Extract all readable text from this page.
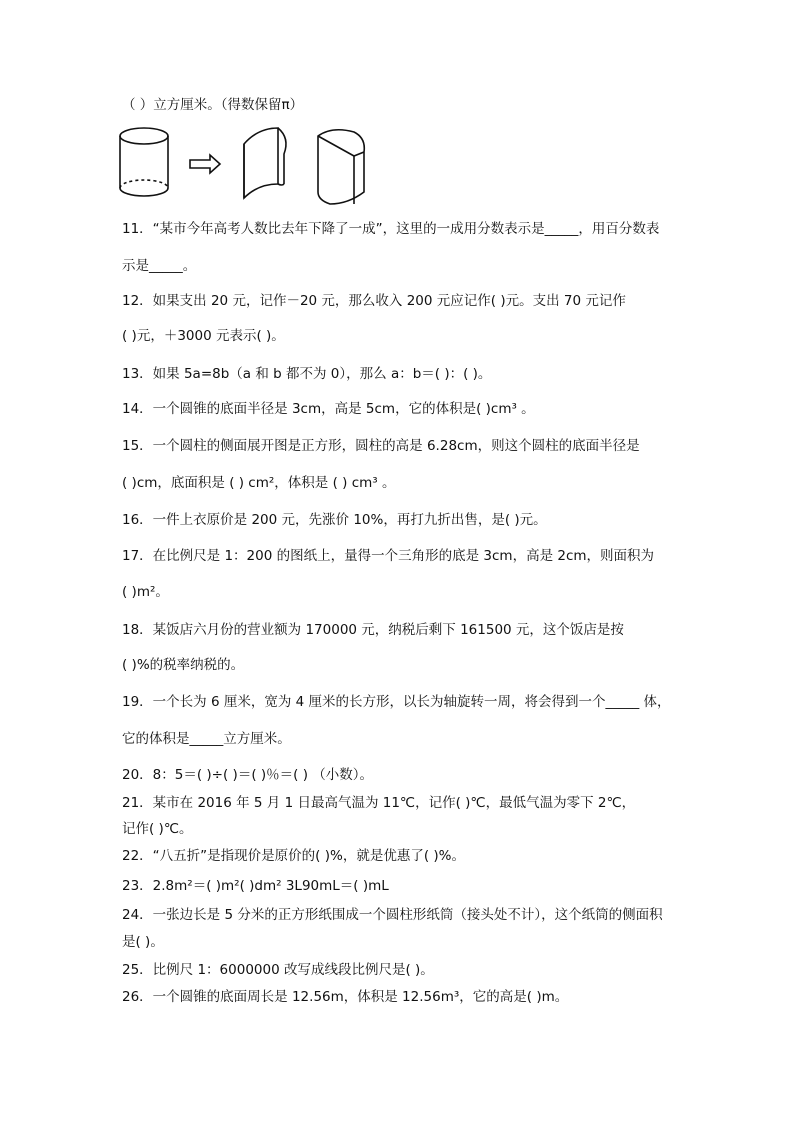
（ ）立方厘米。（得数保留π）
11．“某市今年高考人数比去年下降了一成”，这里的一成用分数表示是_____，用百分数表
示是_____。
12．如果支出 20 元，记作－20 元，那么收入 200 元应记作( )元。支出 70 元记作
( )元，＋3000 元表示( )。
13．如果 5a=8b（a 和 b 都不为 0），那么 a：b＝( )：( )。
14．一个圆锥的底面半径是 3cm，高是 5cm，它的体积是( )cm³ 。
15．一个圆柱的侧面展开图是正方形，圆柱的高是 6.28cm，则这个圆柱的底面半径是
( )cm，底面积是 ( ) cm²，体积是 ( ) cm³ 。
16．一件上衣原价是 200 元，先涨价 10%，再打九折出售，是( )元。
17．在比例尺是 1：200 的图纸上，量得一个三角形的底是 3cm，高是 2cm，则面积为
( )m²。
18．某饭店六月份的营业额为 170000 元，纳税后剩下 161500 元，这个饭店是按
( )%的税率纳税的。
19．一个长为 6 厘米，宽为 4 厘米的长方形，以长为轴旋转一周，将会得到一个_____ 体，
它的体积是_____立方厘米。
20．8：5＝( )÷( )＝( )％＝( ) （小数）。
21．某市在 2016 年 5 月 1 日最高气温为 11℃，记作( )℃，最低气温为零下 2℃，
记作( )℃。
22．“八五折”是指现价是原价的( )%，就是优惠了( )%。
23．2.8m²＝( )m²( )dm² 3L90mL＝( )mL
24．一张边长是 5 分米的正方形纸围成一个圆柱形纸筒（接头处不计），这个纸筒的侧面积
是( )。
25．比例尺 1：6000000 改写成线段比例尺是( )。
26．一个圆锥的底面周长是 12.56m，体积是 12.56m³，它的高是( )m。
